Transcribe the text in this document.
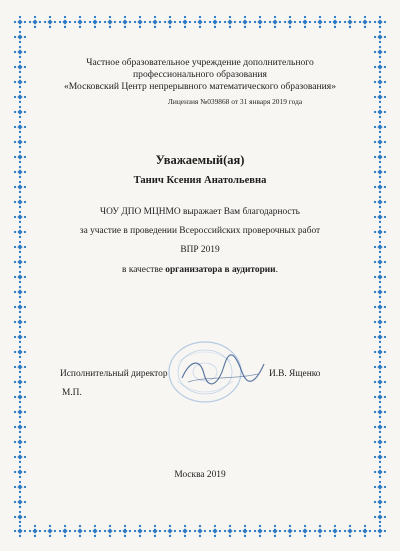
Частное образовательное учреждение дополнительного
профессионального образования
«Московский Центр непрерывного математического образования»
Лицензия №039868 от 31 января 2019 года
Уважаемый(ая)
Танич Ксения Анатольевна
ЧОУ ДПО МЦНМО выражает Вам благодарность
за участие в проведении Всероссийских проверочных работ
ВПР 2019
в качестве организатора в аудитории.
Исполнительный директор	И.В. Ященко
М.П.
Москва 2019
